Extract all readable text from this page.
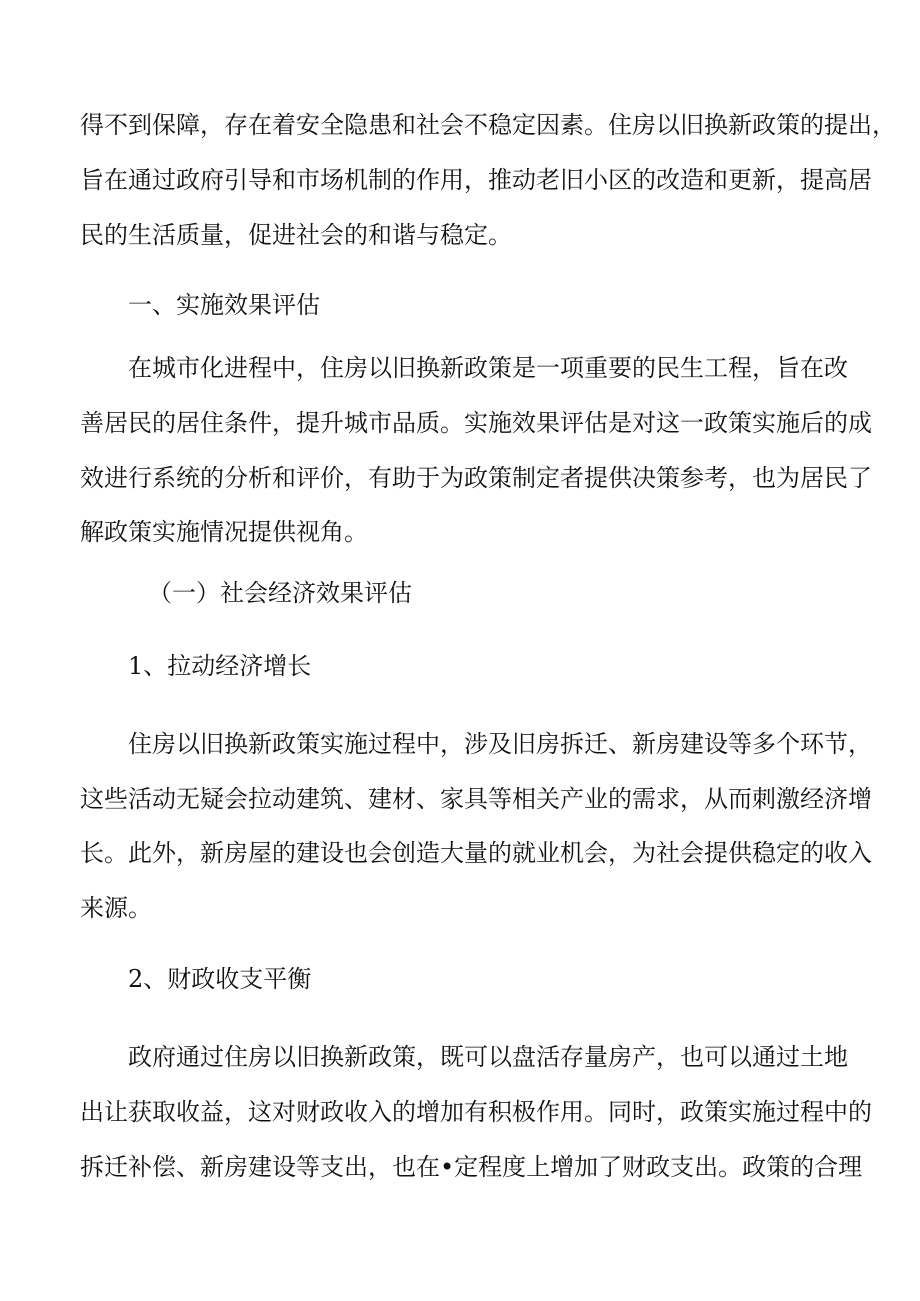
得不到保障，存在着安全隐患和社会不稳定因素。住房以旧换新政策的提出，
旨在通过政府引导和市场机制的作用，推动老旧小区的改造和更新，提高居
民的生活质量，促进社会的和谐与稳定。
一、实施效果评估
在城市化进程中，住房以旧换新政策是一项重要的民生工程，旨在改
善居民的居住条件，提升城市品质。实施效果评估是对这一政策实施后的成
效进行系统的分析和评价，有助于为政策制定者提供决策参考，也为居民了
解政策实施情况提供视角。
（一）社会经济效果评估
1、拉动经济增长
住房以旧换新政策实施过程中，涉及旧房拆迁、新房建设等多个环节，
这些活动无疑会拉动建筑、建材、家具等相关产业的需求，从而刺激经济增
长。此外，新房屋的建设也会创造大量的就业机会，为社会提供稳定的收入
来源。
2、财政收支平衡
政府通过住房以旧换新政策，既可以盘活存量房产，也可以通过土地
出让获取收益，这对财政收入的增加有积极作用。同时，政策实施过程中的
拆迁补偿、新房建设等支出，也在•定程度上增加了财政支出。政策的合理
